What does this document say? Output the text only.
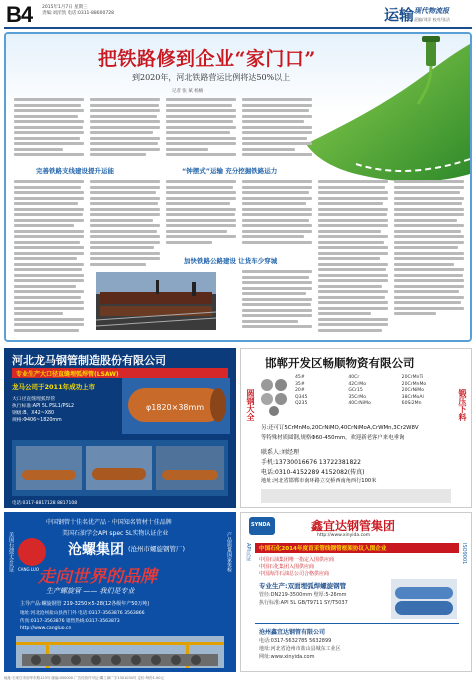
B4 2015年1月7日 星期三
责编:刘洋凯 电话:0311-88600728	运输 现代物流报
责编/刘洋 校对/张洁
把铁路修到企业“家门口”
到2020年，河北铁路营运比例将达50%以上
记者 张 斌 杨楠
完善铁路支线建设提升运能	“钟摆式”运输 充分挖掘铁路运力
加快铁路公路建设 让货车少穿城
河北龙马钢管制造股份有限公司
专业生产大口径直缝埋弧焊管(LSAW)
龙马公司于2011年成功上市
φ1820×38mm
大口径直缝埋弧焊管
执行标准:API 5L PSL1/PSL2
钢级:B、X42~X80
规格:Φ406~1820mm
电话:0317-8817128 8817108
邯郸开发区畅顺物资有限公司
圆钢大全	锻压下料
45#	40Cr	20CrMnTi
35#	42CrMo	20CrMnMo
20#	GCr15	20CrNiMo
Q345	35CrMo	38CrMoAl
Q235	40CrNiMo	60Si2Mn
另:还可订5CrMnMo,20CrNiMO,40CrNiMoA,CrWMn,3Cr2W8V
等特殊材质圆钢,规格Φ60-450mm。欢迎新老客户来电垂询
联系人:刘经理
手机:13730016676 13722381822
电话:0310-4152289 4152082(传真)
地址:河北省邯郸市南环路立交桥西南角西行100米
美国石油学会认证	产品质量国家免检
中国钢管十佳名优产品 · 中国知名管材十佳品牌
美国石油学会API spec 5L实物认证企业
CANG LUO
沧螺集团 (沧州市螺旋钢管厂)
走向世界的品牌
生产螺旋管 —— 我们是专业
主导产品:螺旋钢管 219-3250×5-28(12各级年产50万吨)
地址:河北沧州盐山县西门外 电话:0317-3563876 3563866
传真:0317-3563876 销售热线:0317-3563873
http://www.cangluo.cn
API认证	ISO9001
SYNDA	鑫宜达钢管集团
http://www.xinyida.com
中国石化2014年度首采管线钢管框架协议入围企业
中国石油集团唯一指定入围供应商
中国石化集团入围供应商
中国海洋石油总公司合格供应商
专业生产:双面埋弧焊螺旋钢管
管径:DN219-3500mm 壁厚:5-26mm
执行标准:API 5L GB/T9711 SY/T5037
沧州鑫宜达钢管有限公司
电话:0317-5632785 5632899
地址:河北省沧州市盐山县城东工业区
网址:www.xinyida.com
地址:石家庄市裕华东路123号 邮编:050000 广告经营许可证:冀工商广字1301034号 定价:每份1.00元
